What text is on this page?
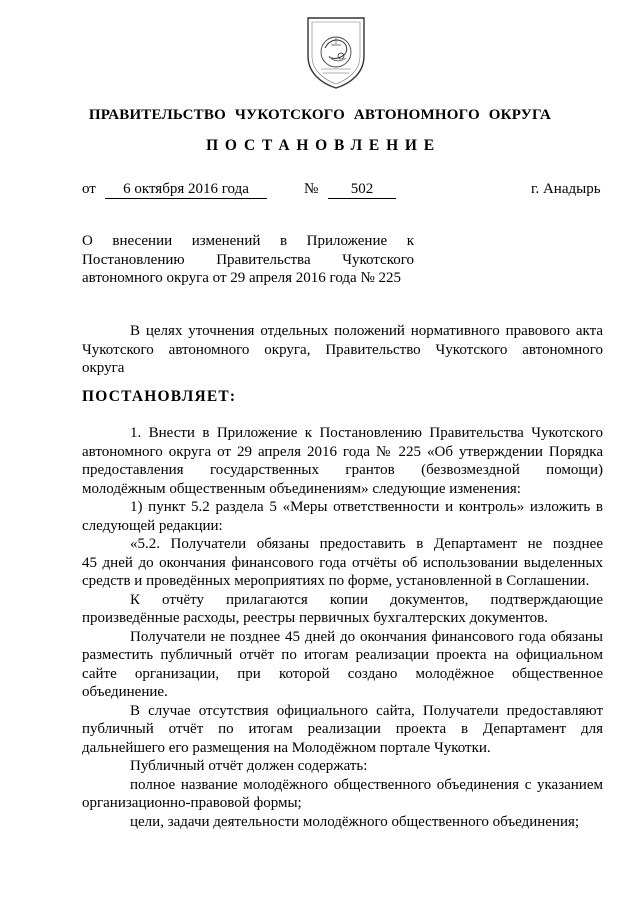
ПРАВИТЕЛЬСТВО ЧУКОТСКОГО АВТОНОМНОГО ОКРУГА
ПОСТАНОВЛЕНИЕ
от	6 октября 2016 года	№	502	г. Анадырь
О внесении изменений в Приложение к
Постановлению Правительства Чукотского
автономного округа от 29 апреля 2016 года № 225
В целях уточнения отдельных положений нормативного правового акта
Чукотского автономного округа, Правительство Чукотского автономного
округа
ПОСТАНОВЛЯЕТ:
1. Внести в Приложение к Постановлению Правительства Чукотского
автономного округа от 29 апреля 2016 года № 225 «Об утверждении Порядка
предоставления государственных грантов (безвозмездной помощи)
молодёжным общественным объединениям» следующие изменения:
1) пункт 5.2 раздела 5 «Меры ответственности и контроль» изложить в
следующей редакции:
«5.2. Получатели обязаны предоставить в Департамент не позднее
45 дней до окончания финансового года отчёты об использовании выделенных
средств и проведённых мероприятиях по форме, установленной в Соглашении.
К отчёту прилагаются копии документов, подтверждающие
произведённые расходы, реестры первичных бухгалтерских документов.
Получатели не позднее 45 дней до окончания финансового года обязаны
разместить публичный отчёт по итогам реализации проекта на официальном
сайте организации, при которой создано молодёжное общественное
объединение.
В случае отсутствия официального сайта, Получатели предоставляют
публичный отчёт по итогам реализации проекта в Департамент для
дальнейшего его размещения на Молодёжном портале Чукотки.
Публичный отчёт должен содержать:
полное название молодёжного общественного объединения с указанием
организационно-правовой формы;
цели, задачи деятельности молодёжного общественного объединения;
